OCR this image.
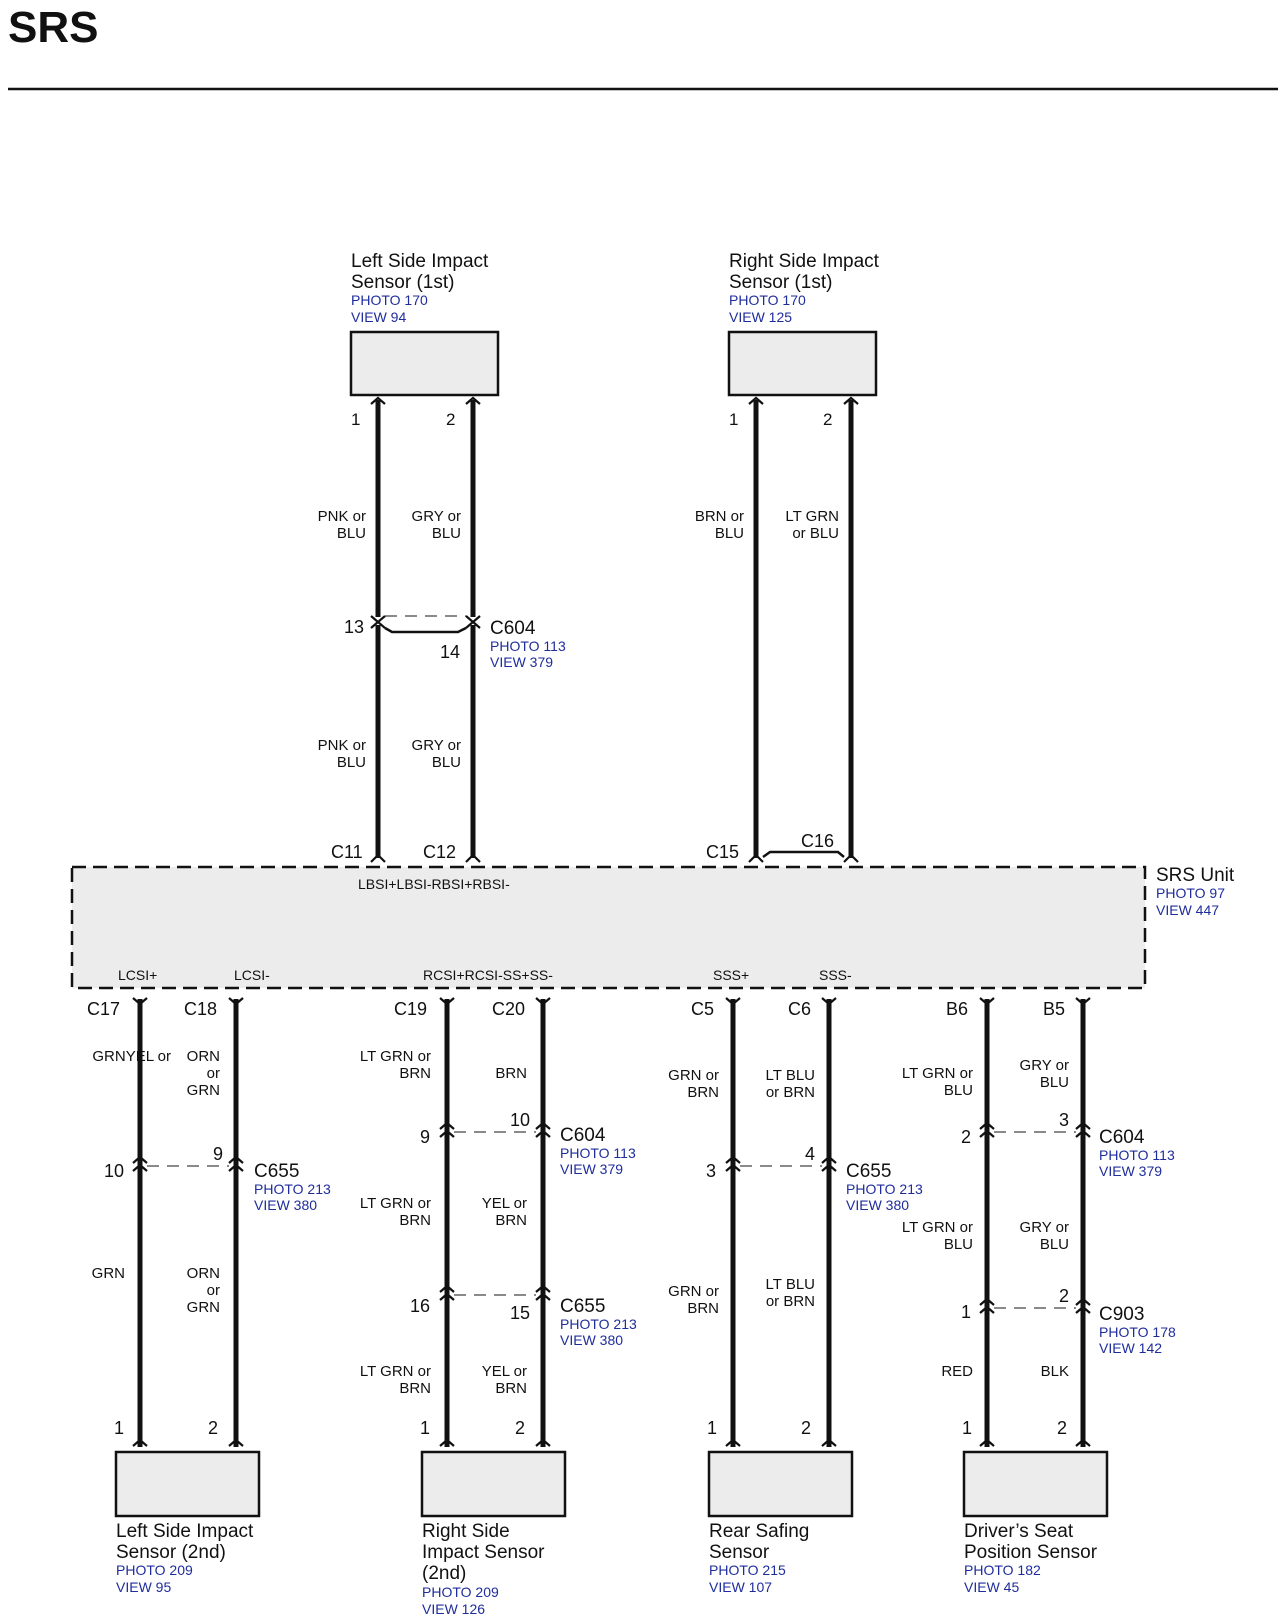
SRS
Left Side Impact
Sensor (1st)
PHOTO 170
VIEW 94
1	2
Right Side Impact
Sensor (1st)
PHOTO 170
VIEW 125
1	2
PNK or
BLU
GRY or
BLU
PNK or
BLU
GRY or
BLU
BRN or
BLU
LT GRN
or BLU
13
14
C604
PHOTO 113
VIEW 379
SRS Unit
PHOTO 97
VIEW 447
C11	C12	C15
C16
LBSI+LBSI-RBSI+RBSI-
LCSI+	LCSI-	RCSI+RCSI-SS+SS-	SSS+	SSS-
C17	C18	C19	C20	C5	C6	B6	B5
GRNYEL or ORN
or
GRN
GRN	ORN
or
GRN
LT GRN or
BRN	BRN
LT GRN or
BRN
YEL or
BRN
LT GRN or
BRN
YEL or
BRN
GRN or
BRN
LT BLU
or BRN
GRN or
BRN
LT BLU
or BRN
LT GRN or
BLU
GRY or
BLU
LT GRN or
BLU
GRY or
BLU
RED	BLK
10
9
C655
PHOTO 213
VIEW 380
9
10
C604
PHOTO 113
VIEW 379
16	15 C655
PHOTO 213
VIEW 380
3
4
C655
PHOTO 213
VIEW 380
2
3
C604
PHOTO 113
VIEW 379
1
2
C903
PHOTO 178
VIEW 142
1	2
Left Side Impact
Sensor (2nd)
PHOTO 209
VIEW 95
1	2
Right Side
Impact Sensor
(2nd)
PHOTO 209
VIEW 126
1	2
Rear Safing
Sensor
PHOTO 215
VIEW 107
1	2
Driver’s Seat
Position Sensor
PHOTO 182
VIEW 45
